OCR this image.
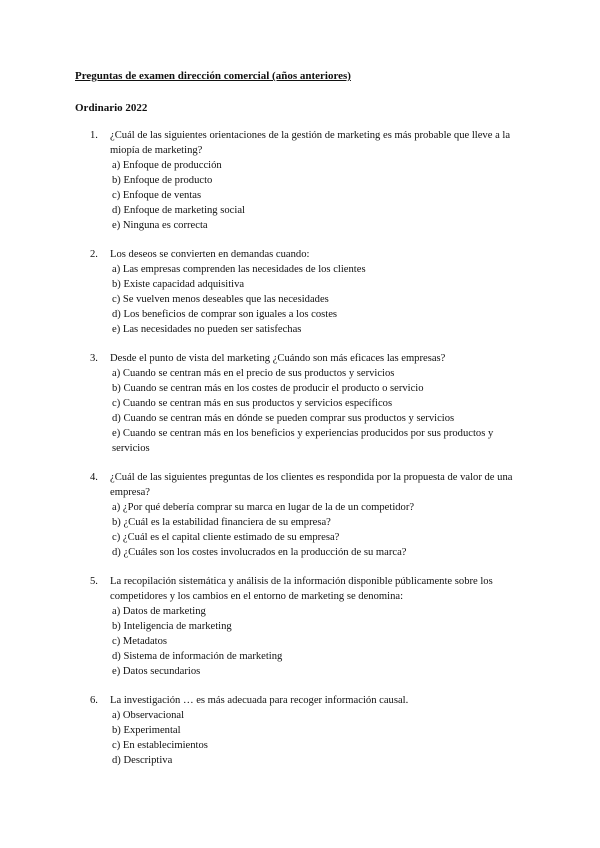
Preguntas de examen dirección comercial (años anteriores)
Ordinario 2022
1. ¿Cuál de las siguientes orientaciones de la gestión de marketing es más probable que lleve a la miopía de marketing?
a) Enfoque de producción
b) Enfoque de producto
c) Enfoque de ventas
d) Enfoque de marketing social
e) Ninguna es correcta
2. Los deseos se convierten en demandas cuando:
a) Las empresas comprenden las necesidades de los clientes
b) Existe capacidad adquisitiva
c) Se vuelven menos deseables que las necesidades
d) Los beneficios de comprar son iguales a los costes
e) Las necesidades no pueden ser satisfechas
3. Desde el punto de vista del marketing ¿Cuándo son más eficaces las empresas?
a) Cuando se centran más en el precio de sus productos y servicios
b) Cuando se centran más en los costes de producir el producto o servicio
c) Cuando se centran más en sus productos y servicios específicos
d) Cuando se centran más en dónde se pueden comprar sus productos y servicios
e) Cuando se centran más en los beneficios y experiencias producidos por sus productos y servicios
4. ¿Cuál de las siguientes preguntas de los clientes es respondida por la propuesta de valor de una empresa?
a) ¿Por qué debería comprar su marca en lugar de la de un competidor?
b) ¿Cuál es la estabilidad financiera de su empresa?
c) ¿Cuál es el capital cliente estimado de su empresa?
d) ¿Cuáles son los costes involucrados en la producción de su marca?
5. La recopilación sistemática y análisis de la información disponible públicamente sobre los competidores y los cambios en el entorno de marketing se denomina:
a) Datos de marketing
b) Inteligencia de marketing
c) Metadatos
d) Sistema de información de marketing
e) Datos secundarios
6. La investigación … es más adecuada para recoger información causal.
a) Observacional
b) Experimental
c) En establecimientos
d) Descriptiva
